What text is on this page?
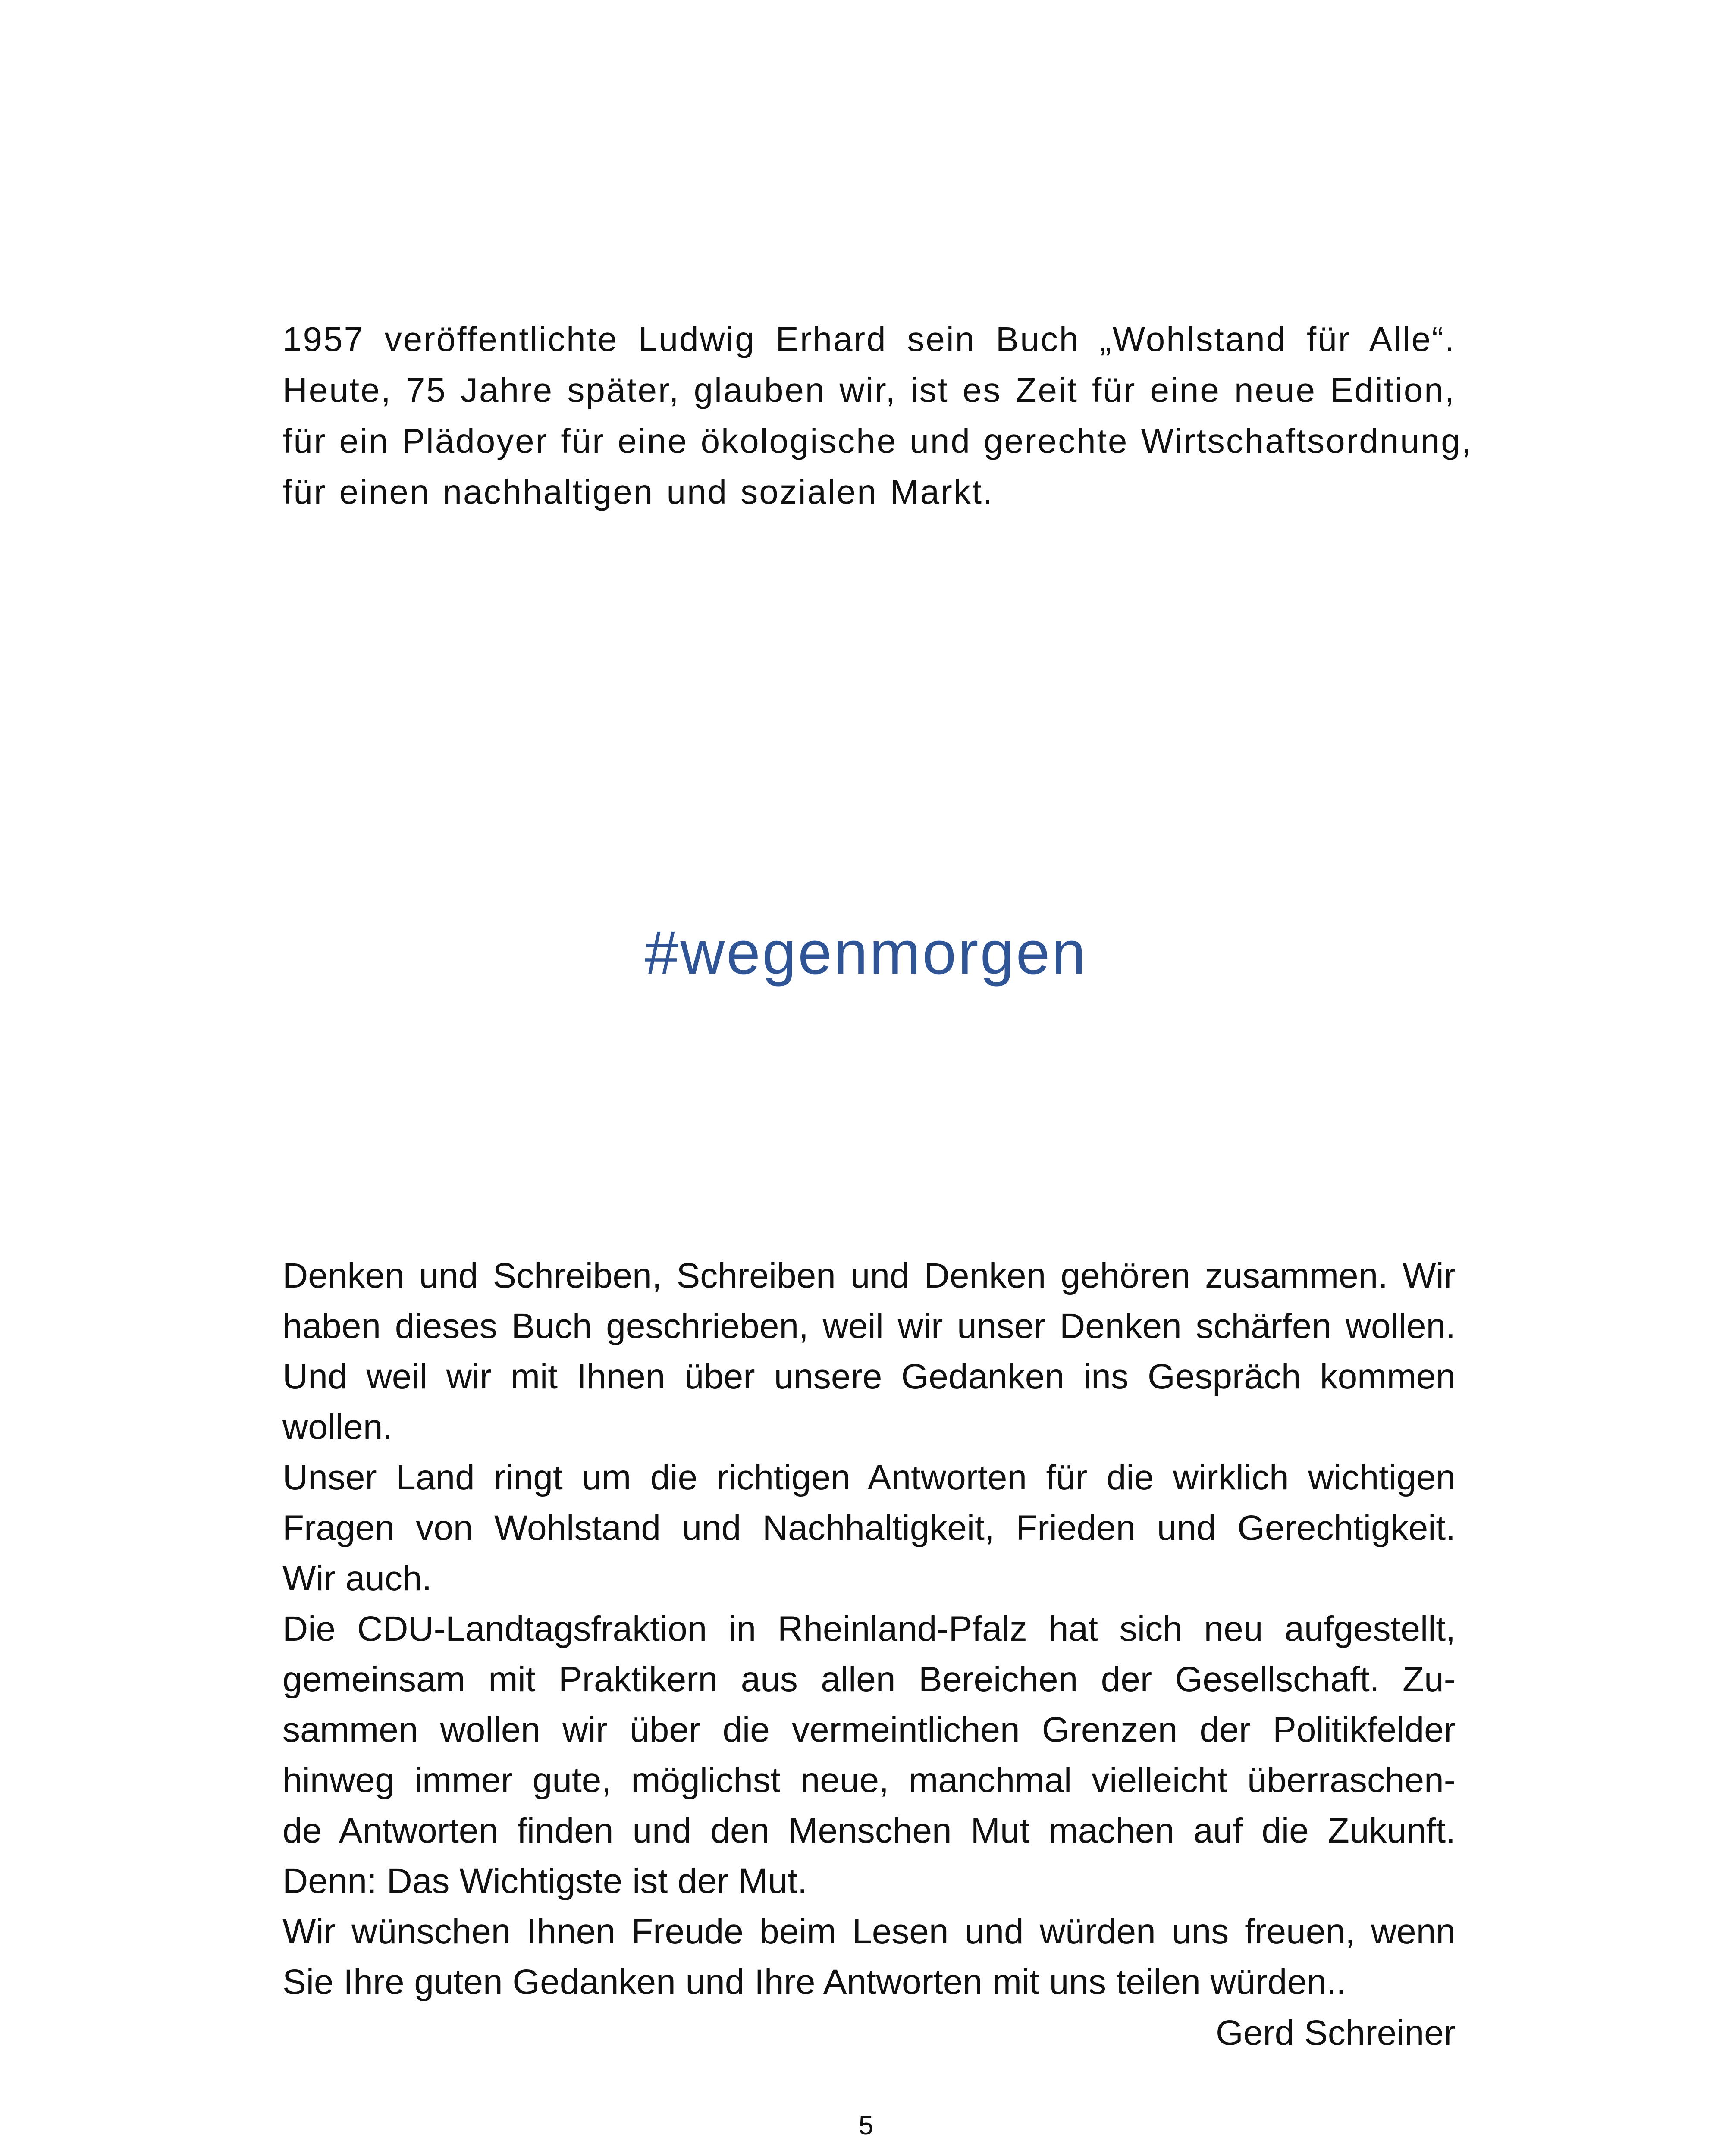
1957 veröffentlichte Ludwig Erhard sein Buch „Wohlstand für Alle“.
Heute, 75 Jahre später, glauben wir, ist es Zeit für eine neue Edition,
für ein Plädoyer für eine ökologische und gerechte Wirtschaftsordnung,
für einen nachhaltigen und sozialen Markt.
#wegenmorgen
Denken und Schreiben, Schreiben und Denken gehören zusammen. Wir
haben dieses Buch geschrieben, weil wir unser Denken schärfen wollen.
Und weil wir mit Ihnen über unsere Gedanken ins Gespräch kommen
wollen.
Unser Land ringt um die richtigen Antworten für die wirklich wichtigen
Fragen von Wohlstand und Nachhaltigkeit, Frieden und Gerechtigkeit.
Wir auch.
Die CDU-Landtagsfraktion in Rheinland-Pfalz hat sich neu aufgestellt,
gemeinsam mit Praktikern aus allen Bereichen der Gesellschaft. Zu-
sammen wollen wir über die vermeintlichen Grenzen der Politikfelder
hinweg immer gute, möglichst neue, manchmal vielleicht überraschen-
de Antworten finden und den Menschen Mut machen auf die Zukunft.
Denn: Das Wichtigste ist der Mut.
Wir wünschen Ihnen Freude beim Lesen und würden uns freuen, wenn
Sie Ihre guten Gedanken und Ihre Antworten mit uns teilen würden..
Gerd Schreiner
5
